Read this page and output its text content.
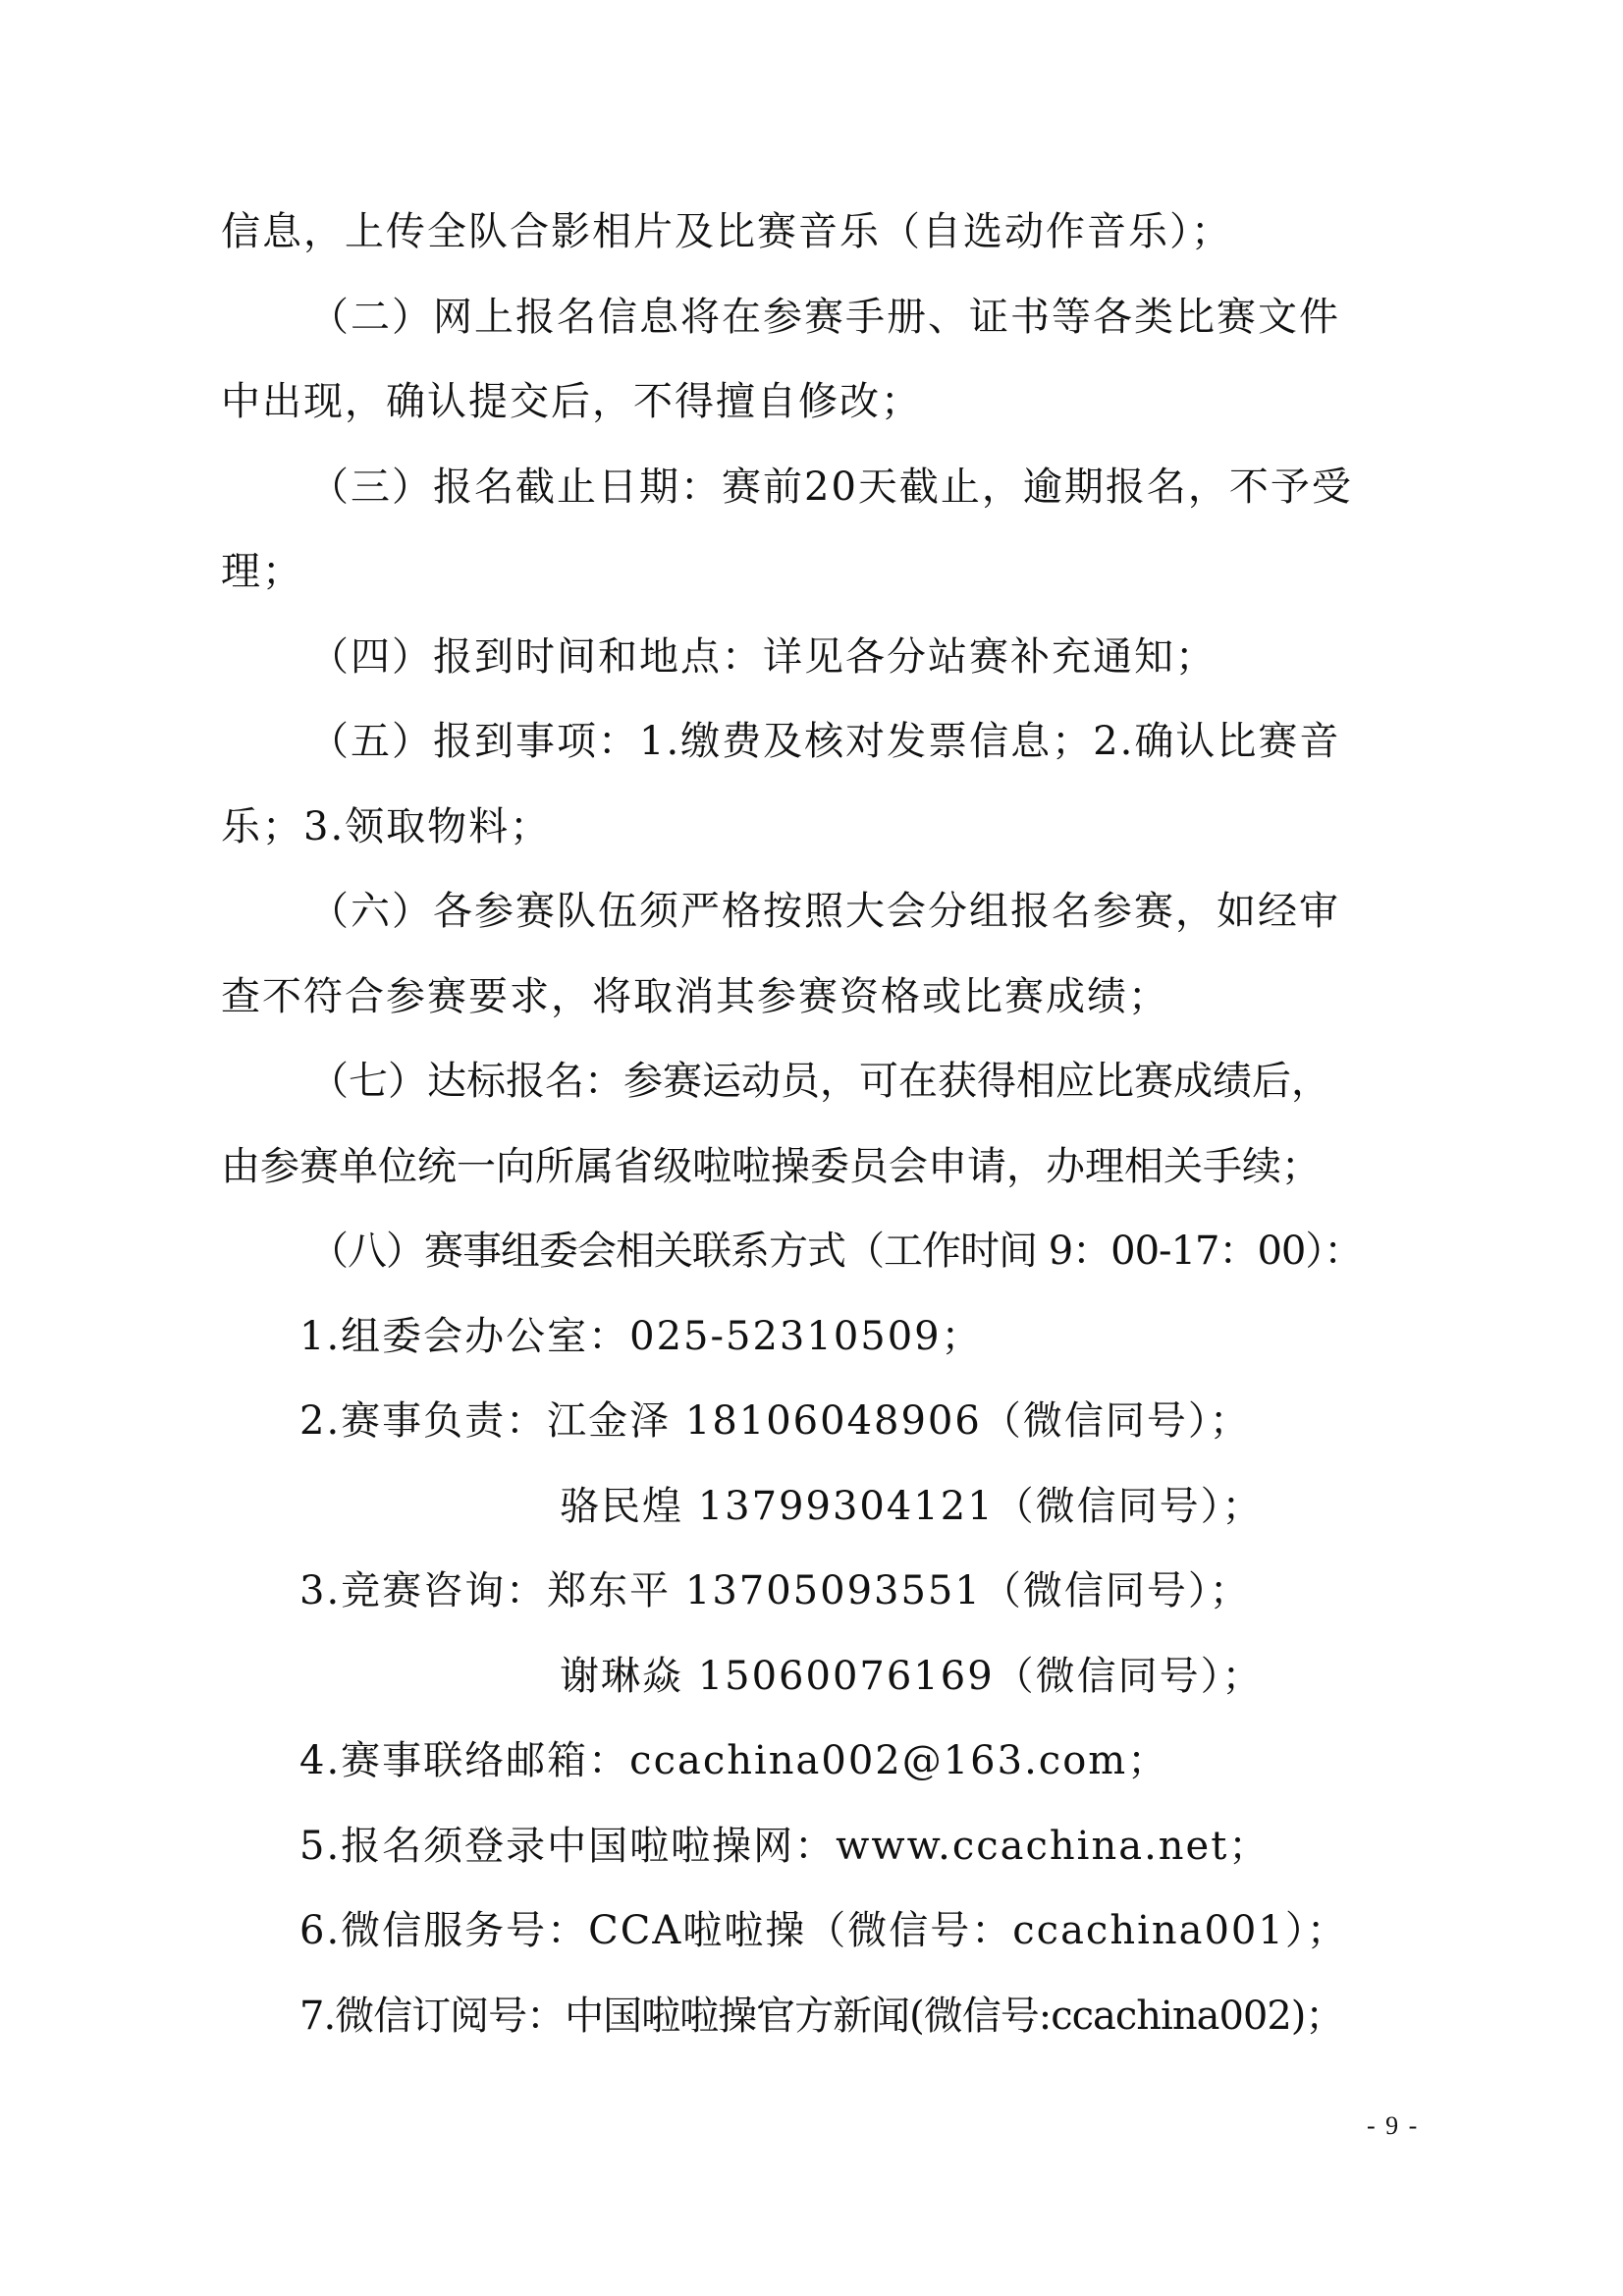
信息，上传全队合影相片及比赛音乐（自选动作音乐）；
（二）网上报名信息将在参赛手册、证书等各类比赛文件
中出现，确认提交后，不得擅自修改；
（三）报名截止日期：赛前20天截止，逾期报名，不予受
理；
（四）报到时间和地点：详见各分站赛补充通知；
（五）报到事项：1.缴费及核对发票信息；2.确认比赛音
乐；3.领取物料；
（六）各参赛队伍须严格按照大会分组报名参赛，如经审
查不符合参赛要求，将取消其参赛资格或比赛成绩；
（七）达标报名：参赛运动员，可在获得相应比赛成绩后，
由参赛单位统一向所属省级啦啦操委员会申请，办理相关手续；
（八）赛事组委会相关联系方式（工作时间 9：00-17：00）：
1.组委会办公室：025-52310509；
2.赛事负责：江金泽 18106048906（微信同号）；
骆民煌 13799304121（微信同号）；
3.竞赛咨询：郑东平 13705093551（微信同号）；
谢琳焱 15060076169（微信同号）；
4.赛事联络邮箱：ccachina002@163.com；
5.报名须登录中国啦啦操网：www.ccachina.net；
6.微信服务号：CCA啦啦操（微信号：ccachina001）；
7.微信订阅号：中国啦啦操官方新闻(微信号:ccachina002)；
- 9 -
